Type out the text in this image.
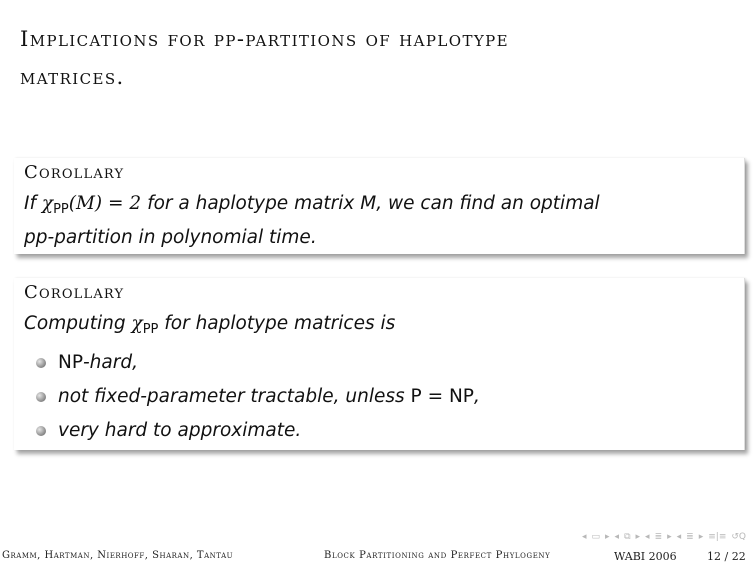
Implications for pp-partitions of haplotype
matrices.
Corollary
If $\chi_{PP}(M) = 2$ for a haplotype matrix M, we can find an optimal
pp-partition in polynomial time.
Corollary
Computing $\chi_{PP}$ for haplotype matrices is
NP-hard,
not fixed-parameter tractable, unless P = NP,
very hard to approximate.
◂ ▭ ▸ ◂ ⧉ ▸ ◂ ≣ ▸ ◂ ≣ ▸ ≡|≡ ↺Q
Gramm, Hartman, Nierhoff, Sharan, Tantau	Block Partitioning and Perfect Phylogeny	WABI 2006	12 / 22
